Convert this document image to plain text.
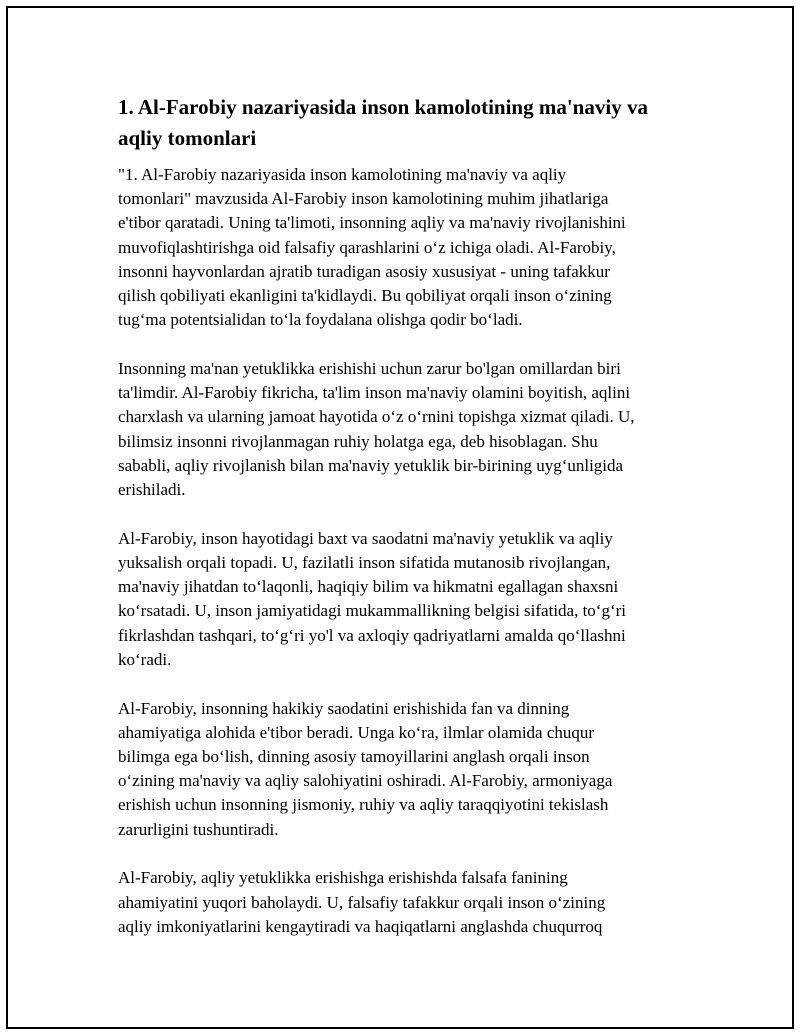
1. Al-Farobiy nazariyasida inson kamolotining ma'naviy va
aqliy tomonlari

"1. Al-Farobiy nazariyasida inson kamolotining ma'naviy va aqliy
tomonlari" mavzusida Al-Farobiy inson kamolotining muhim jihatlariga
e'tibor qaratadi. Uning ta'limoti, insonning aqliy va ma'naviy rivojlanishini
muvofiqlashtirishga oid falsafiy qarashlarini o‘z ichiga oladi. Al-Farobiy,
insonni hayvonlardan ajratib turadigan asosiy xususiyat - uning tafakkur
qilish qobiliyati ekanligini ta'kidlaydi. Bu qobiliyat orqali inson o‘zining
tug‘ma potentsialidan to‘la foydalana olishga qodir bo‘ladi.

Insonning ma'nan yetuklikka erishishi uchun zarur bo'lgan omillardan biri
ta'limdir. Al-Farobiy fikricha, ta'lim inson ma'naviy olamini boyitish, aqlini
charxlash va ularning jamoat hayotida o‘z o‘rnini topishga xizmat qiladi. U,
bilimsiz insonni rivojlanmagan ruhiy holatga ega, deb hisoblagan. Shu
sababli, aqliy rivojlanish bilan ma'naviy yetuklik bir-birining uyg‘unligida
erishiladi.

Al-Farobiy, inson hayotidagi baxt va saodatni ma'naviy yetuklik va aqliy
yuksalish orqali topadi. U, fazilatli inson sifatida mutanosib rivojlangan,
ma'naviy jihatdan to‘laqonli, haqiqiy bilim va hikmatni egallagan shaxsni
ko‘rsatadi. U, inson jamiyatidagi mukammallikning belgisi sifatida, to‘g‘ri
fikrlashdan tashqari, to‘g‘ri yo'l va axloqiy qadriyatlarni amalda qo‘llashni
ko‘radi.

Al-Farobiy, insonning hakikiy saodatini erishishida fan va dinning
ahamiyatiga alohida e'tibor beradi. Unga ko‘ra, ilmlar olamida chuqur
bilimga ega bo‘lish, dinning asosiy tamoyillarini anglash orqali inson
o‘zining ma'naviy va aqliy salohiyatini oshiradi. Al-Farobiy, armoniyaga
erishish uchun insonning jismoniy, ruhiy va aqliy taraqqiyotini tekislash
zarurligini tushuntiradi.

Al-Farobiy, aqliy yetuklikka erishishga erishishda falsafa fanining
ahamiyatini yuqori baholaydi. U, falsafiy tafakkur orqali inson o‘zining
aqliy imkoniyatlarini kengaytiradi va haqiqatlarni anglashda chuqurroq
